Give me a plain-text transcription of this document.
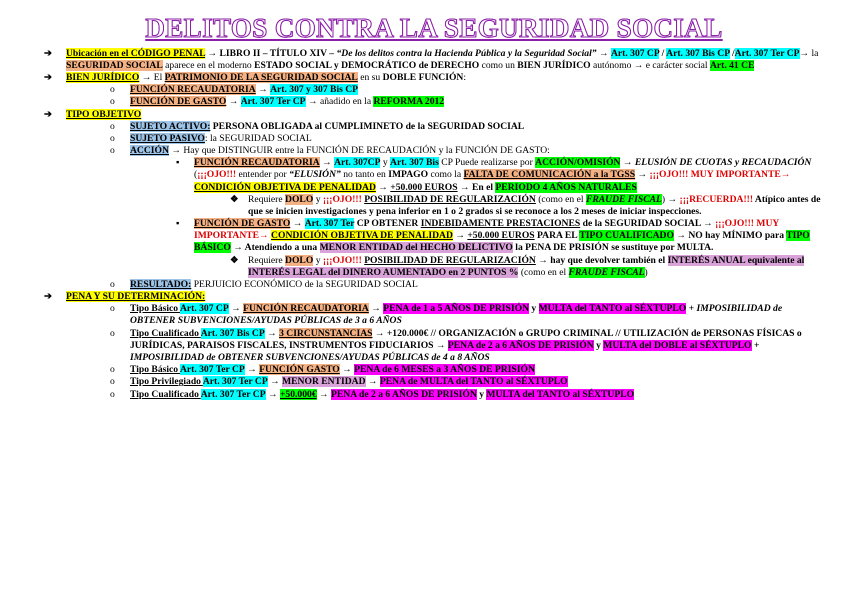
DELITOS CONTRA LA SEGURIDAD SOCIAL
➔ Ubicación en el CÓDIGO PENAL → LIBRO II – TÍTULO XIV – “De los delitos contra la Hacienda Pública y la Seguridad Social” → Art. 307 CP / Art. 307 Bis CP /Art. 307 Ter CP→ la SEGURIDAD SOCIAL aparece en el moderno ESTADO SOCIAL y DEMOCRÁTICO de DERECHO como un BIEN JURÍDICO autónomo → e carácter social Art. 41 CE
➔ BIEN JURÍDICO → El PATRIMONIO DE LA SEGURIDAD SOCIAL en su DOBLE FUNCIÓN:
o FUNCIÓN RECAUDATORIA → Art. 307 y 307 Bis CP
o FUNCIÓN DE GASTO → Art. 307 Ter CP → añadido en la REFORMA 2012
➔ TIPO OBJETIVO
o SUJETO ACTIVO: PERSONA OBLIGADA al CUMPLIMINETO de la SEGURIDAD SOCIAL
o SUJETO PASIVO: la SEGURIDAD SOCIAL
o ACCIÓN → Hay que DISTINGUIR entre la FUNCIÓN DE RECAUDACIÓN y la FUNCIÓN DE GASTO:
▪ FUNCIÓN RECAUDATORIA → Art. 307CP y Art. 307 Bis CP Puede realizarse por ACCIÓN/OMISIÓN → ELUSIÓN DE CUOTAS y RECAUDACIÓN (¡¡¡OJO!!! entender por “ELUSIÓN” no tanto en IMPAGO como la FALTA DE COMUNICACIÓN a la TGSS → ¡¡¡OJO!!! MUY IMPORTANTE→ CONDICIÓN OBJETIVA DE PENALIDAD → +50.000 EUROS → En el PERIODO 4 AÑOS NATURALES
❖ Requiere DOLO y ¡¡¡OJO!!! POSIBILIDAD DE REGULARIZACIÓN (como en el FRAUDE FISCAL) → ¡¡¡RECUERDA!!! Atípico antes de que se inicien investigaciones y pena inferior en 1 o 2 grados si se reconoce a los 2 meses de iniciar inspecciones.
▪ FUNCIÓN DE GASTO → Art. 307 Ter CP OBTENER INDEBIDAMENTE PRESTACIONES de la SEGURIDAD SOCIAL → ¡¡¡OJO!!! MUY IMPORTANTE→ CONDICIÓN OBJETIVA DE PENALIDAD → +50.000 EUROS PARA EL TIPO CUALIFICADO → NO hay MÍNIMO para TIPO BÁSICO → Atendiendo a una MENOR ENTIDAD del HECHO DELICTIVO la PENA DE PRISIÓN se sustituye por MULTA.
❖ Requiere DOLO y ¡¡¡OJO!!! POSIBILIDAD DE REGULARIZACIÓN → hay que devolver también el INTERÉS ANUAL equivalente al INTERÉS LEGAL del DINERO AUMENTADO en 2 PUNTOS % (como en el FRAUDE FISCAL)
o RESULTADO: PERJUICIO ECONÓMICO de la SEGURIDAD SOCIAL
➔ PENA Y SU DETERMINACIÓN:
o Tipo Básico Art. 307 CP → FUNCIÓN RECAUDATORIA → PENA de 1 a 5 AÑOS DE PRISIÓN y MULTA del TANTO al SÉXTUPLO + IMPOSIBILIDAD de OBTENER SUBVENCIONES/AYUDAS PÚBLICAS de 3 a 6 AÑOS
o Tipo Cualificado Art. 307 Bis CP → 3 CIRCUNSTANCIAS → +120.000€ // ORGANIZACIÓN o GRUPO CRIMINAL // UTILIZACIÓN de PERSONAS FÍSICAS o JURÍDICAS, PARAISOS FISCALES, INSTRUMENTOS FIDUCIARIOS → PENA de 2 a 6 AÑOS DE PRISIÓN y MULTA del DOBLE al SÉXTUPLO + IMPOSIBILIDAD de OBTENER SUBVENCIONES/AYUDAS PÚBLICAS de 4 a 8 AÑOS
o Tipo Básico Art. 307 Ter CP → FUNCIÓN GASTO → PENA de 6 MESES a 3 AÑOS DE PRISIÓN
o Tipo Privilegiado Art. 307 Ter CP → MENOR ENTIDAD → PENA de MULTA del TANTO al SÉXTUPLO
o Tipo Cualificado Art. 307 Ter CP → +50.000€ → PENA de 2 a 6 AÑOS DE PRISIÓN y MULTA del TANTO al SÉXTUPLO
